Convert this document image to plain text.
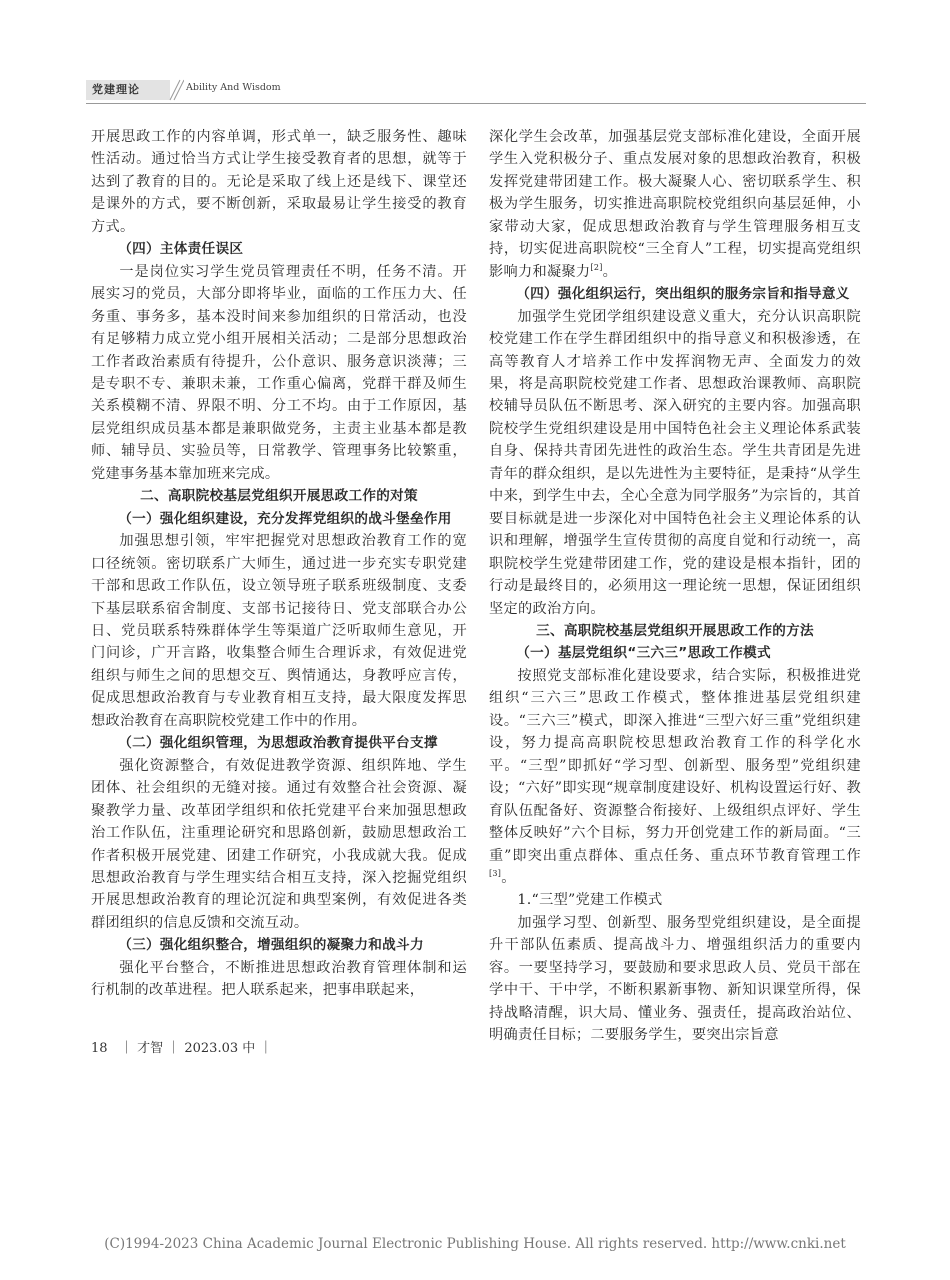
党建理论	Ability And Wisdom

开展思政工作的内容单调，形式单一，缺乏服务性、趣味性活动。通过恰当方式让学生接受教育者的思想，就等于达到了教育的目的。无论是采取了线上还是线下、课堂还是课外的方式，要不断创新，采取最易让学生接受的教育方式。

（四）主体责任误区

一是岗位实习学生党员管理责任不明，任务不清。开展实习的党员，大部分即将毕业，面临的工作压力大、任务重、事务多，基本没时间来参加组织的日常活动，也没有足够精力成立党小组开展相关活动；二是部分思想政治工作者政治素质有待提升，公仆意识、服务意识淡薄；三是专职不专、兼职未兼，工作重心偏离，党群干群及师生关系模糊不清、界限不明、分工不均。由于工作原因，基层党组织成员基本都是兼职做党务，主责主业基本都是教师、辅导员、实验员等，日常教学、管理事务比较繁重，党建事务基本靠加班来完成。

二、高职院校基层党组织开展思政工作的对策

（一）强化组织建设，充分发挥党组织的战斗堡垒作用

加强思想引领，牢牢把握党对思想政治教育工作的宽口径统领。密切联系广大师生，通过进一步充实专职党建干部和思政工作队伍，设立领导班子联系班级制度、支委下基层联系宿舍制度、支部书记接待日、党支部联合办公日、党员联系特殊群体学生等渠道广泛听取师生意见，开门问诊，广开言路，收集整合师生合理诉求，有效促进党组织与师生之间的思想交互、舆情通达，身教呼应言传，促成思想政治教育与专业教育相互支持，最大限度发挥思想政治教育在高职院校党建工作中的作用。

（二）强化组织管理，为思想政治教育提供平台支撑

强化资源整合，有效促进教学资源、组织阵地、学生团体、社会组织的无缝对接。通过有效整合社会资源、凝聚教学力量、改革团学组织和依托党建平台来加强思想政治工作队伍，注重理论研究和思路创新，鼓励思想政治工作者积极开展党建、团建工作研究，小我成就大我。促成思想政治教育与学生理实结合相互支持，深入挖掘党组织开展思想政治教育的理论沉淀和典型案例，有效促进各类群团组织的信息反馈和交流互动。

（三）强化组织整合，增强组织的凝聚力和战斗力

强化平台整合，不断推进思想政治教育管理体制和运行机制的改革进程。把人联系起来，把事串联起来，

深化学生会改革，加强基层党支部标准化建设，全面开展学生入党积极分子、重点发展对象的思想政治教育，积极发挥党建带团建工作。极大凝聚人心、密切联系学生、积极为学生服务，切实推进高职院校党组织向基层延伸，小家带动大家，促成思想政治教育与学生管理服务相互支持，切实促进高职院校“三全育人”工程，切实提高党组织影响力和凝聚力[2]。

（四）强化组织运行，突出组织的服务宗旨和指导意义

加强学生党团学组织建设意义重大，充分认识高职院校党建工作在学生群团组织中的指导意义和积极渗透，在高等教育人才培养工作中发挥润物无声、全面发力的效果，将是高职院校党建工作者、思想政治课教师、高职院校辅导员队伍不断思考、深入研究的主要内容。加强高职院校学生党组织建设是用中国特色社会主义理论体系武装自身、保持共青团先进性的政治生态。学生共青团是先进青年的群众组织，是以先进性为主要特征，是秉持“从学生中来，到学生中去，全心全意为同学服务”为宗旨的，其首要目标就是进一步深化对中国特色社会主义理论体系的认识和理解，增强学生宣传贯彻的高度自觉和行动统一，高职院校学生党建带团建工作，党的建设是根本指针，团的行动是最终目的，必须用这一理论统一思想，保证团组织坚定的政治方向。

三、高职院校基层党组织开展思政工作的方法

（一）基层党组织“三六三”思政工作模式

按照党支部标准化建设要求，结合实际，积极推进党组织“三六三”思政工作模式，整体推进基层党组织建设。“三六三”模式，即深入推进“三型六好三重”党组织建设，努力提高高职院校思想政治教育工作的科学化水平。“三型”即抓好“学习型、创新型、服务型”党组织建设；“六好”即实现“规章制度建设好、机构设置运行好、教育队伍配备好、资源整合衔接好、上级组织点评好、学生整体反映好”六个目标，努力开创党建工作的新局面。“三重”即突出重点群体、重点任务、重点环节教育管理工作[3]。

1.“三型”党建工作模式

加强学习型、创新型、服务型党组织建设，是全面提升干部队伍素质、提高战斗力、增强组织活力的重要内容。一要坚持学习，要鼓励和要求思政人员、党员干部在学中干、干中学，不断积累新事物、新知识课堂所得，保持战略清醒，识大局、懂业务、强责任，提高政治站位、明确责任目标；二要服务学生，要突出宗旨意

18   ｜ 才智 ｜ 2023.03 中 ｜
(C)1994-2023 China Academic Journal Electronic Publishing House. All rights reserved. http://www.cnki.net
